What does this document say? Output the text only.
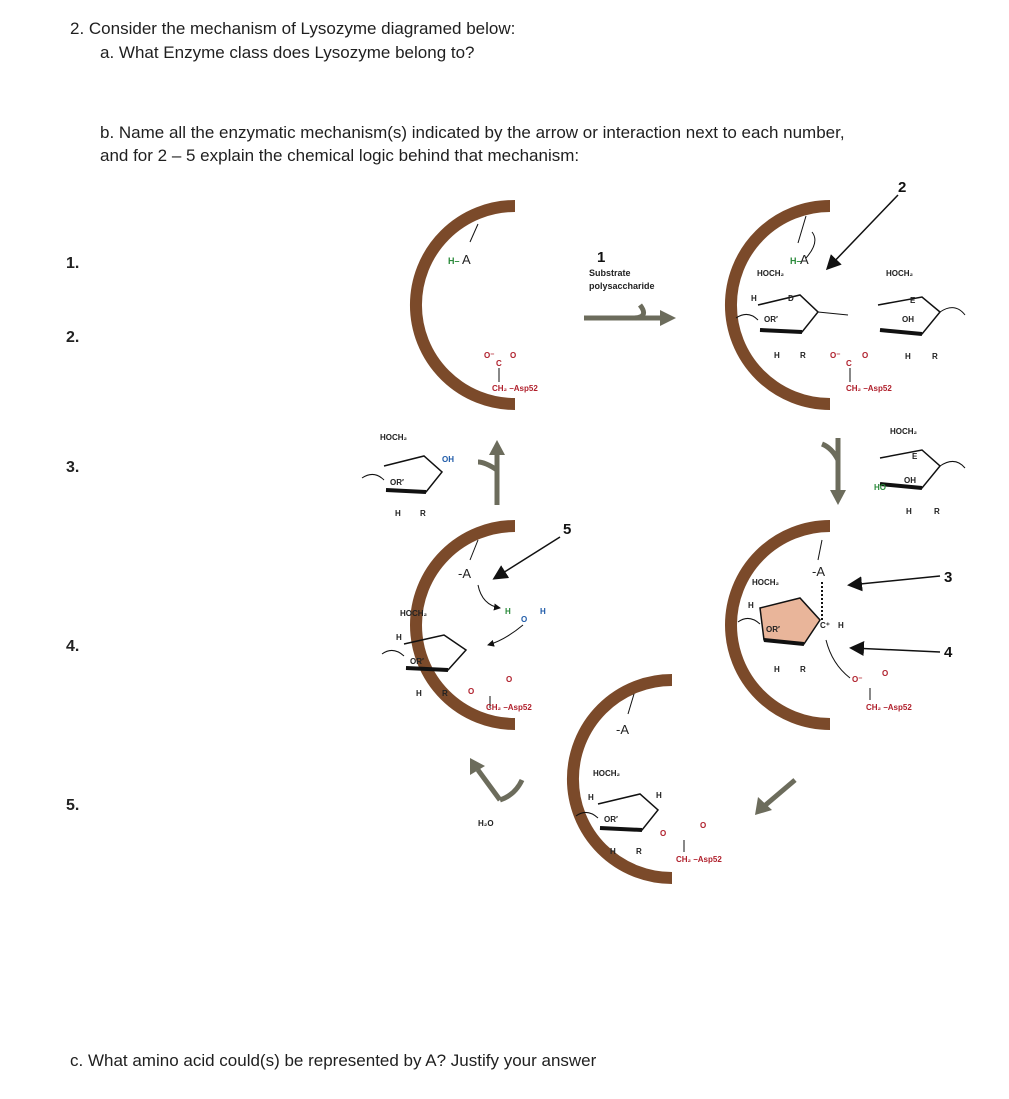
2. Consider the mechanism of Lysozyme diagramed below:
a. What Enzyme class does Lysozyme belong to?
b. Name all the enzymatic mechanism(s) indicated by the arrow or interaction next to each number,
and for 2 – 5 explain the chemical logic behind that mechanism:
c. What amino acid could(s) be represented by A? Justify your answer
1.
2.
3.
4.
5.
1
Substrate
polysaccharide
2
3
4
5
H– A
O⁻
C
O
CH₂ –Asp52
H–
A
HOCH₂	HOCH₂
D
OR′
H
H	R
E
OH
H	R
O⁻
C
O
CH₂ –Asp52
HOCH₂
E
HO
OH
H	R
HOCH₂
OH
OR′
H R
-A
H
O
H
HOCH₂
OR′
H
H	R	O
O
CH₂ –Asp52
-A
HOCH₂
OR′	C⁺ H
H
H	R
O⁻
O
CH₂ –Asp52
-A
HOCH₂
OR′
H	H
H	R
O
O
CH₂ –Asp52
H₂O
